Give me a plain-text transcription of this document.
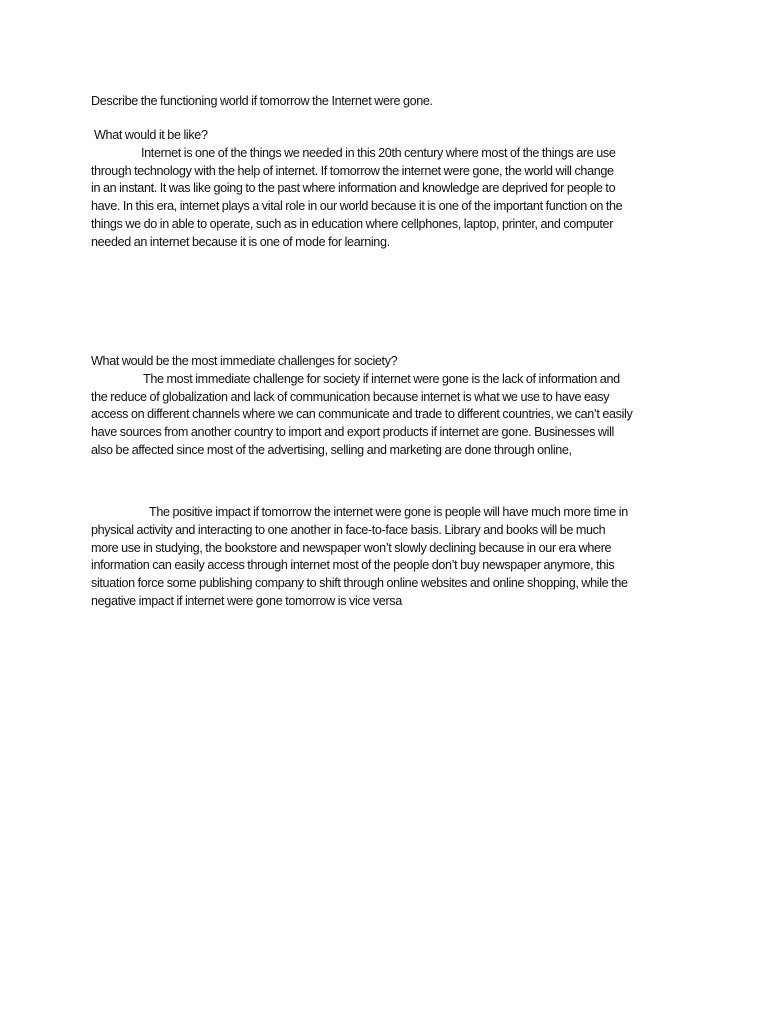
Describe the functioning world if tomorrow the Internet were gone.
What would it be like?
Internet is one of the things we needed in this 20th century where most of the things are use
through technology with the help of internet. If tomorrow the internet were gone, the world will change
in an instant. It was like going to the past where information and knowledge are deprived for people to
have. In this era, internet plays a vital role in our world because it is one of the important function on the
things we do in able to operate, such as in education where cellphones, laptop, printer, and computer
needed an internet because it is one of mode for learning.
What would be the most immediate challenges for society?
The most immediate challenge for society if internet were gone is the lack of information and
the reduce of globalization and lack of communication because internet is what we use to have easy
access on different channels where we can communicate and trade to different countries, we can’t easily
have sources from another country to import and export products if internet are gone. Businesses will
also be affected since most of the advertising, selling and marketing are done through online,
The positive impact if tomorrow the internet were gone is people will have much more time in
physical activity and interacting to one another in face-to-face basis. Library and books will be much
more use in studying, the bookstore and newspaper won’t slowly declining because in our era where
information can easily access through internet most of the people don’t buy newspaper anymore, this
situation force some publishing company to shift through online websites and online shopping, while the
negative impact if internet were gone tomorrow is vice versa
